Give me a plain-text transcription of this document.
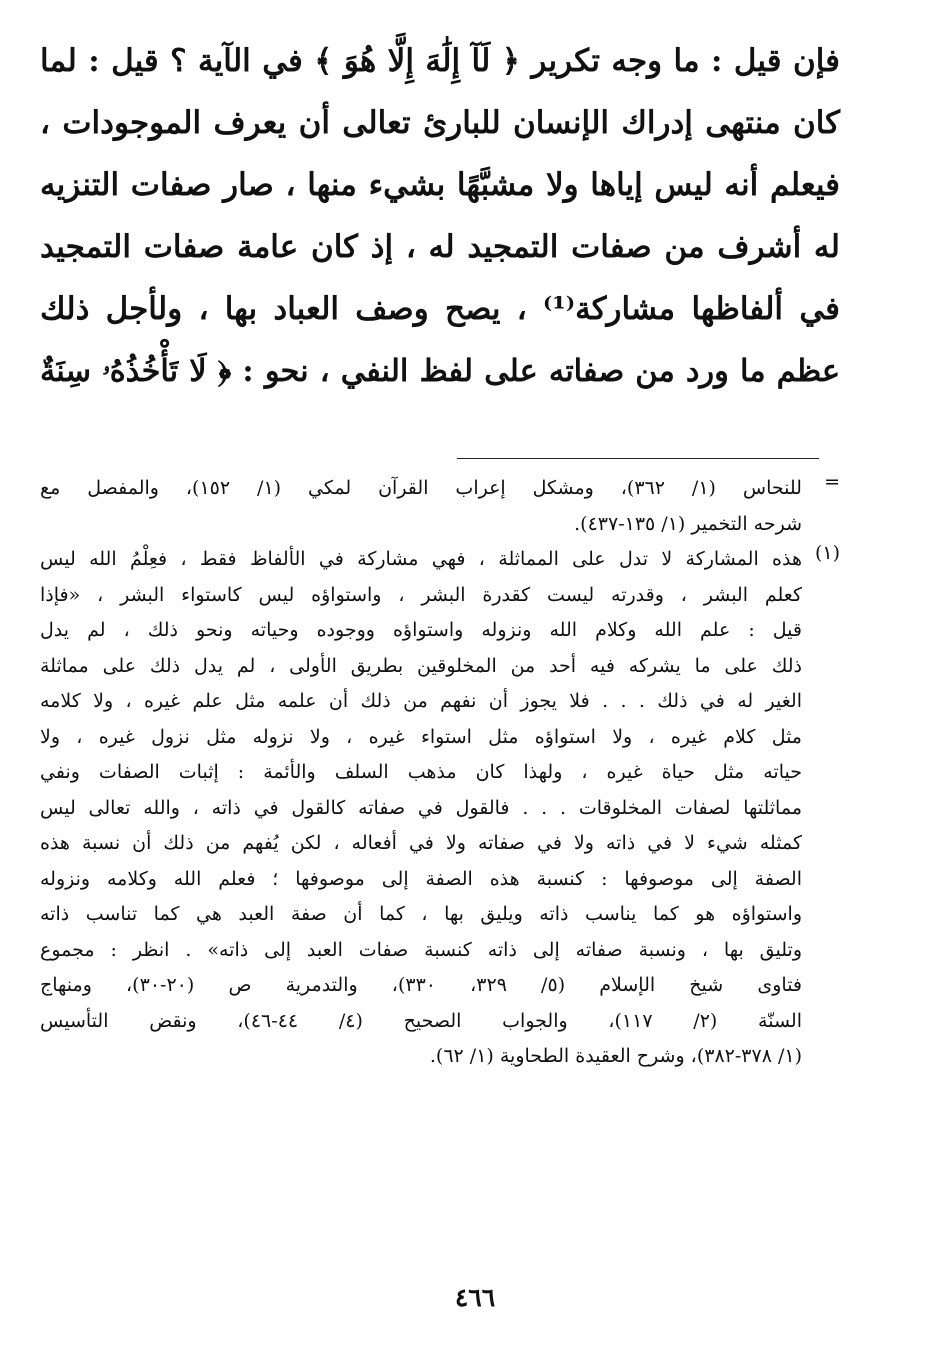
فإن قيل : ما وجه تكرير ﴿ لَآ إِلَٰهَ إِلَّا هُوَ ﴾ في الآية ؟ قيل : لما
كان منتهى إدراك الإنسان للبارئ تعالى أن يعرف الموجودات ،
فيعلم أنه ليس إياها ولا مشبَّهًا بشيء منها ، صار صفات التنزيه
له أشرف من صفات التمجيد له ، إذ كان عامة صفات التمجيد
في ألفاظها مشاركة⁽¹⁾ ، يصح وصف العباد بها ، ولأجل ذلك
عظم ما ورد من صفاته على لفظ النفي ، نحو : ﴿ لَا تَأْخُذُهُۥ سِنَةٌ
=
للنحاس (١/ ٣٦٢)، ومشكل إعراب القرآن لمكي (١/ ١٥٢)، والمفصل مع
شرحه التخمير (١/ ١٣٥-٤٣٧).
(١)
هذه المشاركة لا تدل على المماثلة ، فهي مشاركة في الألفاظ فقط ، فعِلْمُ الله ليس
كعلم البشر ، وقدرته ليست كقدرة البشر ، واستواؤه ليس كاستواء البشر ، «فإذا
قيل : علم الله وكلام الله ونزوله واستواؤه ووجوده وحياته ونحو ذلك ، لم يدل
ذلك على ما يشركه فيه أحد من المخلوقين بطريق الأولى ، لم يدل ذلك على مماثلة
الغير له في ذلك . . . فلا يجوز أن نفهم من ذلك أن علمه مثل علم غيره ، ولا كلامه
مثل كلام غيره ، ولا استواؤه مثل استواء غيره ، ولا نزوله مثل نزول غيره ، ولا
حياته مثل حياة غيره ، ولهذا كان مذهب السلف والأئمة : إثبات الصفات ونفي
مماثلتها لصفات المخلوقات . . . فالقول في صفاته كالقول في ذاته ، والله تعالى ليس
كمثله شيء لا في ذاته ولا في صفاته ولا في أفعاله ، لكن يُفهم من ذلك أن نسبة هذه
الصفة إلى موصوفها : كنسبة هذه الصفة إلى موصوفها ؛ فعلم الله وكلامه ونزوله
واستواؤه هو كما يناسب ذاته ويليق بها ، كما أن صفة العبد هي كما تناسب ذاته
وتليق بها ، ونسبة صفاته إلى ذاته كنسبة صفات العبد إلى ذاته» . انظر : مجموع
فتاوى شيخ الإسلام (٥/ ٣٢٩، ٣٣٠)، والتدمرية ص (٢٠-٣٠)، ومنهاج
السنّة (٢/ ١١٧)، والجواب الصحيح (٤/ ٤٤-٤٦)، ونقض التأسيس
(١/ ٣٧٨-٣٨٢)، وشرح العقيدة الطحاوية (١/ ٦٢).
٤٦٦
